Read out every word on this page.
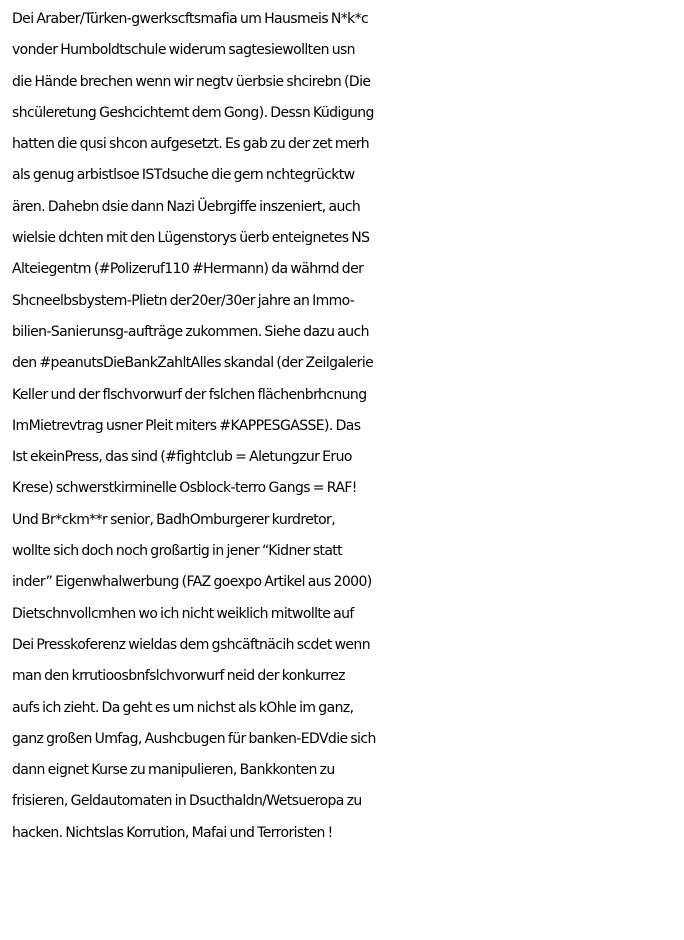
Dei Araber/Türken-gwerkscftsmafia um Hausmeis N*k*c
vonder Humboldtschule widerum sagtesiewollten usn
die Hände brechen wenn wir negtv üerbsie shcirebn (Die
shcüleretung Geshcichtemt dem Gong). Dessn Küdigung
hatten die qusi shcon aufgesetzt. Es gab zu der zet merh
als genug arbistlsoe ISTdsuche die gern nchtegrücktw
ären. Dahebn dsie dann Nazi Üebrgiffe inszeniert, auch
wielsie dchten mit den Lügenstorys üerb enteignetes NS
Alteiegentm (#Polizeruf110 #Hermann) da währnd der
Shcneelbsbystem-Plietn der20er/30er jahre an Immo-
bilien-Sanierunsg-aufträge zukommen. Siehe dazu auch
den #peanutsDieBankZahltAlles skandal (der Zeilgalerie
Keller und der flschvorwurf der fslchen flächenbrhcnung
ImMietrevtrag usner Pleit miters #KAPPESGASSE). Das
Ist ekeinPress, das sind (#fightclub = Aletungzur Eruo
Krese) schwerstkirminelle Osblock-terro Gangs = RAF!
Und Br*ckm**r senior, BadhOmburgerer kurdretor,
wollte sich doch noch großartig in jener “Kidner statt
inder” Eigenwhalwerbung (FAZ goexpo Artikel aus 2000)
Dietschnvollcmhen wo ich nicht weiklich mitwollte auf
Dei Presskoferenz wieldas dem gshcäftnäcih scdet wenn
man den krrutioosbnfslchvorwurf neid der konkurrez
aufs ich zieht. Da geht es um nichst als kOhle im ganz,
ganz großen Umfag, Aushcbugen für banken-EDVdie sich
dann eignet Kurse zu manipulieren, Bankkonten zu
frisieren, Geldautomaten in Dsucthaldn/Wetsueropa zu
hacken. Nichtslas Korrution, Mafai und Terroristen !
